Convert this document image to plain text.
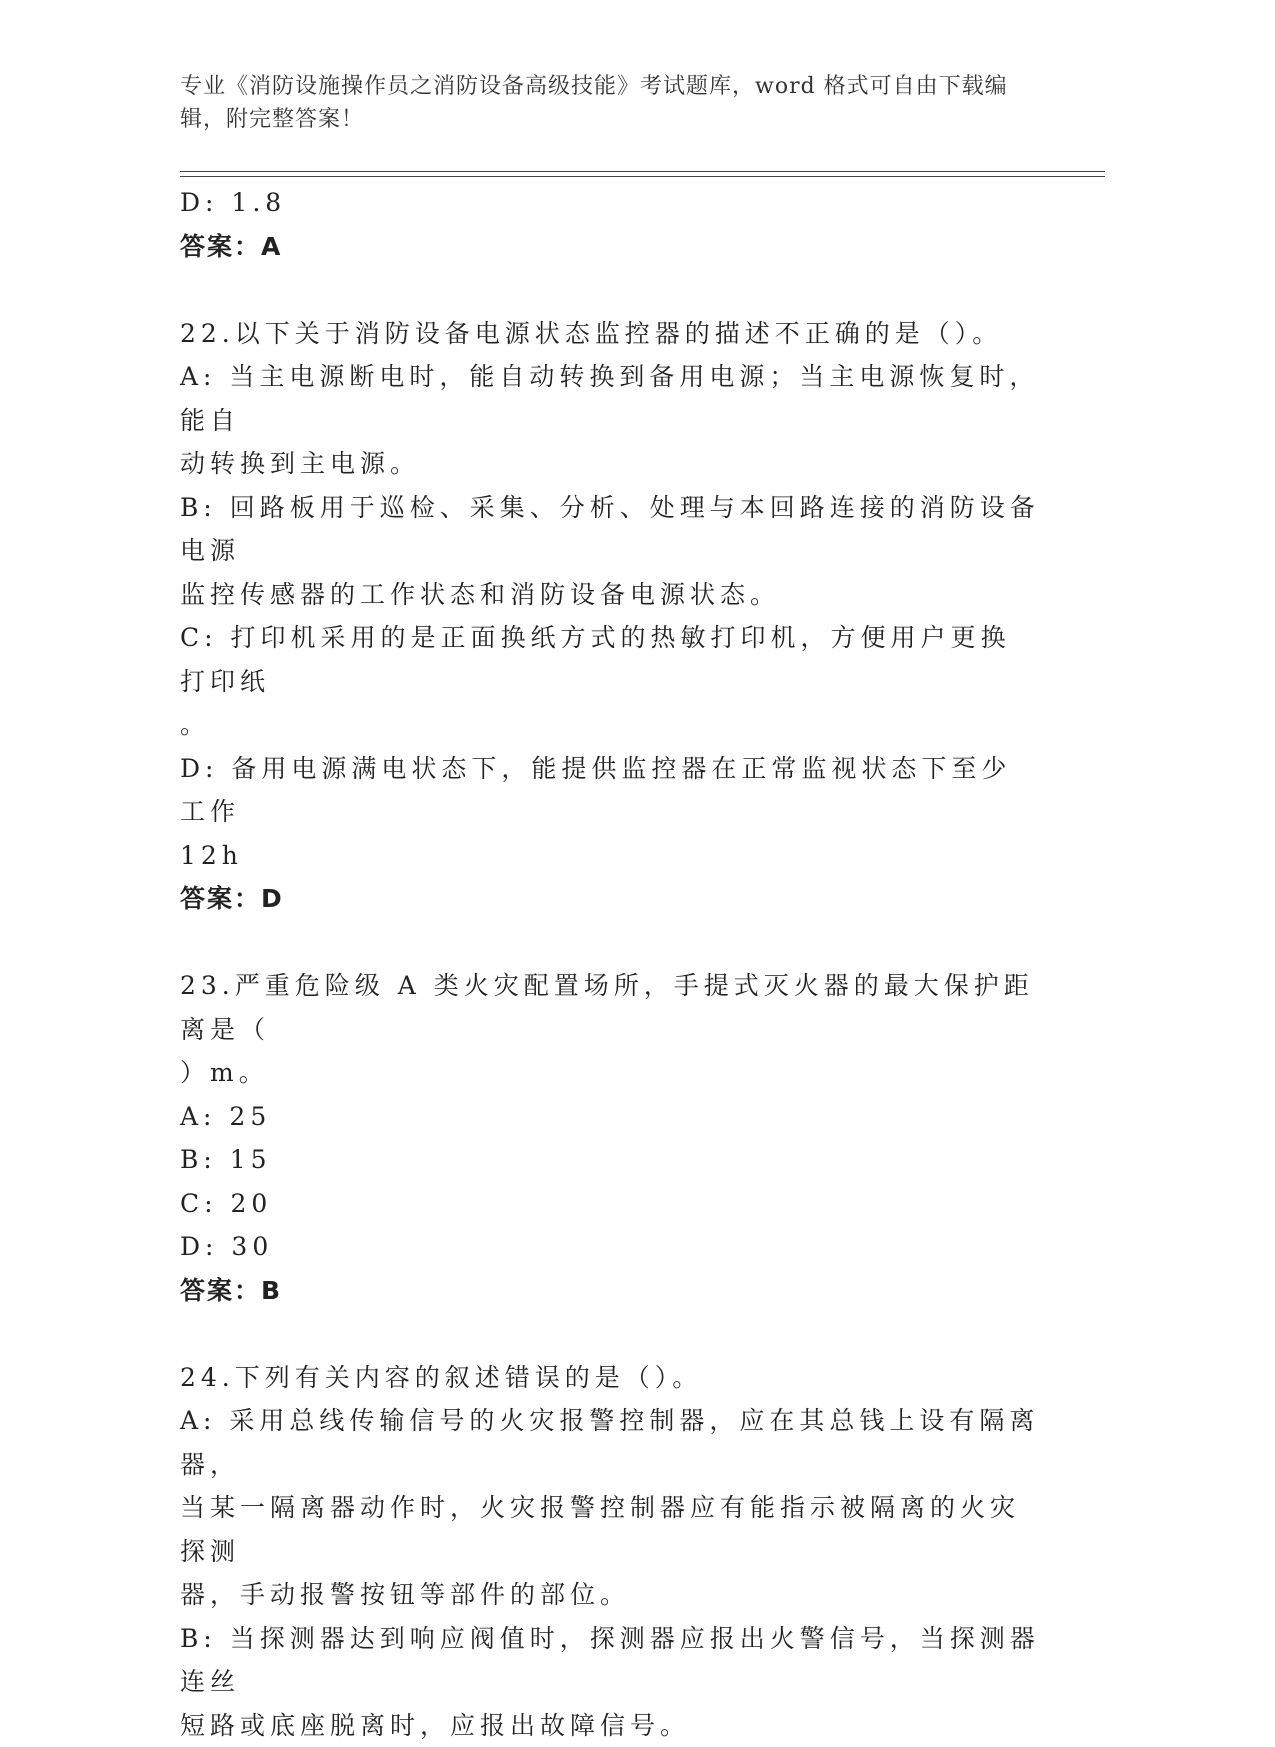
专业《消防设施操作员之消防设备高级技能》考试题库，word 格式可自由下载编辑，附完整答案！

D: 1.8

答案：A

22.以下关于消防设备电源状态监控器的描述不正确的是（）。

A: 当主电源断电时，能自动转换到备用电源；当主电源恢复时，能自

动转换到主电源。

B: 回路板用于巡检、采集、分析、处理与本回路连接的消防设备电源

监控传感器的工作状态和消防设备电源状态。

C: 打印机采用的是正面换纸方式的热敏打印机，方便用户更换打印纸

。

D: 备用电源满电状态下，能提供监控器在正常监视状态下至少工作

12h

答案：D

23.严重危险级 A 类火灾配置场所，手提式灭火器的最大保护距离是（

）m。

A: 25

B: 15

C: 20

D: 30

答案：B

24.下列有关内容的叙述错误的是（）。

A: 采用总线传输信号的火灾报警控制器，应在其总钱上设有隔离器，

当某一隔离器动作时，火灾报警控制器应有能指示被隔离的火灾探测

器，手动报警按钮等部件的部位。

B: 当探测器达到响应阀值时，探测器应报出火警信号，当探测器连丝

短路或底座脱离时，应报出故障信号。
